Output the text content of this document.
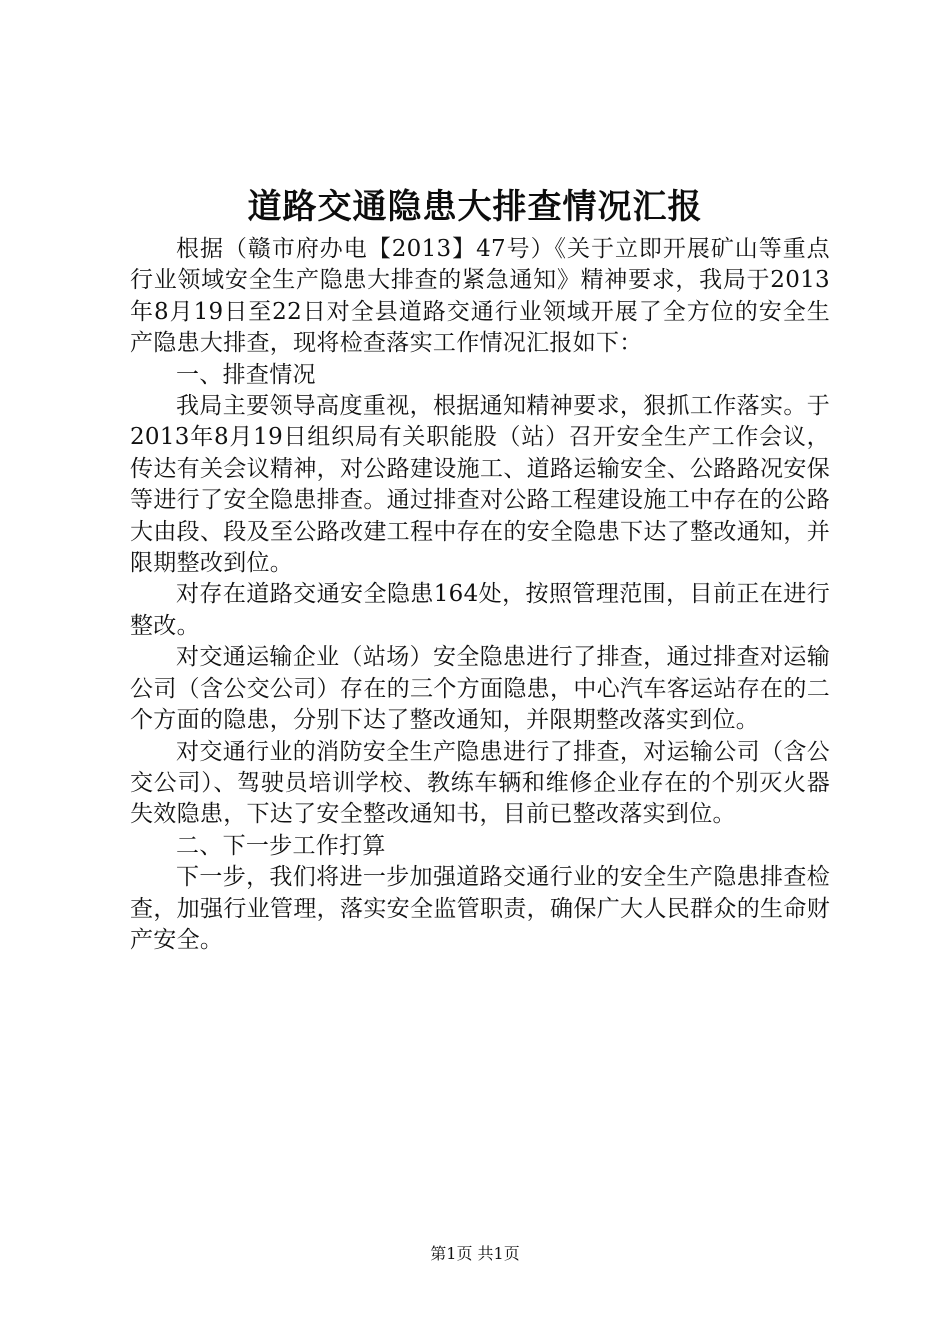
道路交通隐患大排查情况汇报

根据（赣市府办电【2013】47号）《关于立即开展矿山等重点行业领域安全生产隐患大排查的紧急通知》精神要求，我局于2013年8月19日至22日对全县道路交通行业领域开展了全方位的安全生产隐患大排查，现将检查落实工作情况汇报如下：

一、排查情况

我局主要领导高度重视，根据通知精神要求，狠抓工作落实。于2013年8月19日组织局有关职能股（站）召开安全生产工作会议，传达有关会议精神，对公路建设施工、道路运输安全、公路路况安保等进行了安全隐患排查。通过排查对公路工程建设施工中存在的公路大由段、段及至公路改建工程中存在的安全隐患下达了整改通知，并限期整改到位。

对存在道路交通安全隐患164处，按照管理范围，目前正在进行整改。

对交通运输企业（站场）安全隐患进行了排查，通过排查对运输公司（含公交公司）存在的三个方面隐患，中心汽车客运站存在的二个方面的隐患，分别下达了整改通知，并限期整改落实到位。

对交通行业的消防安全生产隐患进行了排查，对运输公司（含公交公司）、驾驶员培训学校、教练车辆和维修企业存在的个别灭火器失效隐患，下达了安全整改通知书，目前已整改落实到位。

二、下一步工作打算

下一步，我们将进一步加强道路交通行业的安全生产隐患排查检查，加强行业管理，落实安全监管职责，确保广大人民群众的生命财产安全。

第1页 共1页
